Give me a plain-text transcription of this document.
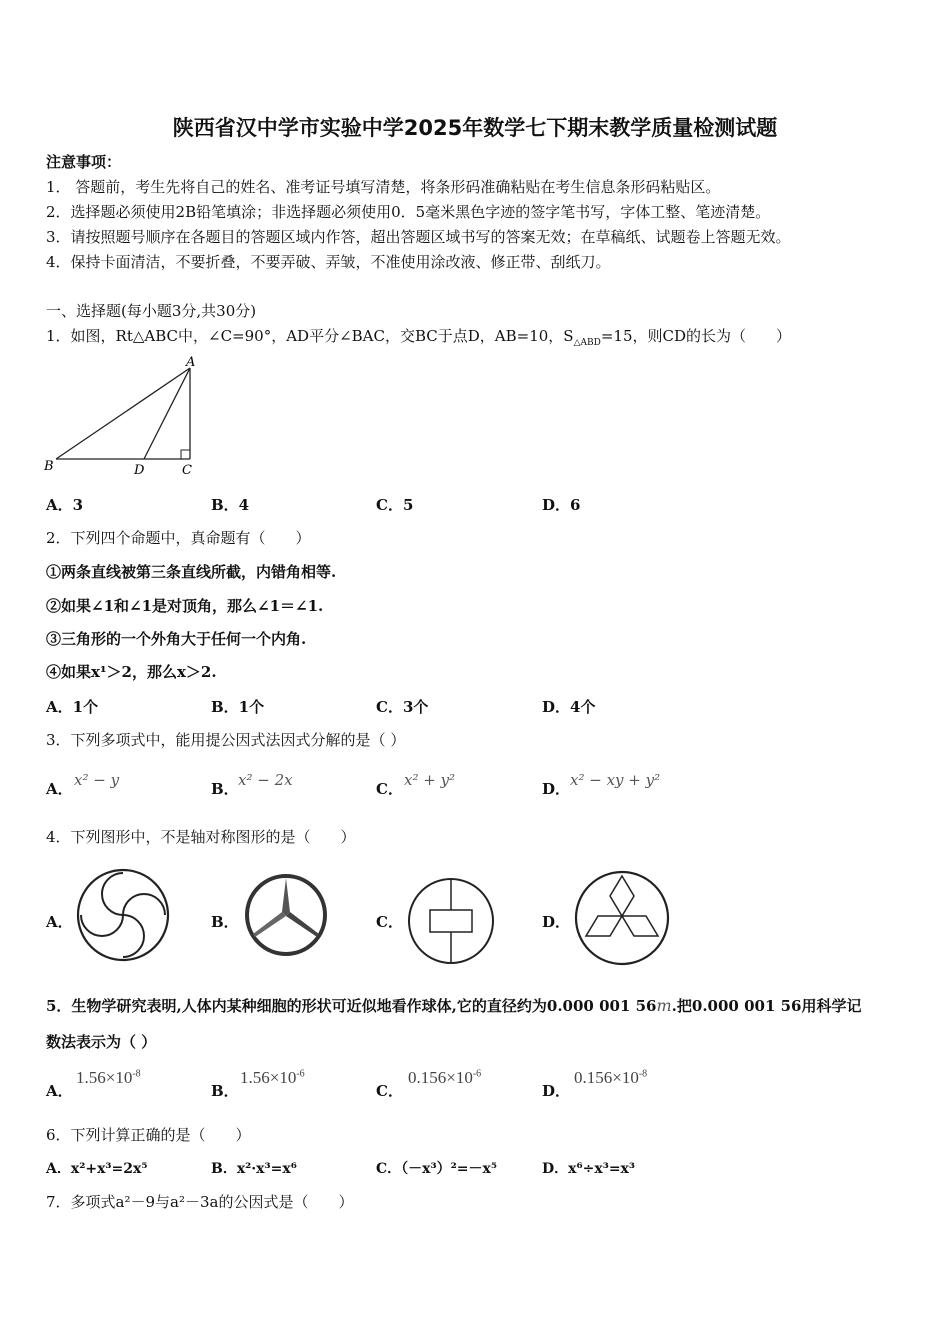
陕西省汉中学市实验中学2025年数学七下期末教学质量检测试题
注意事项：
1． 答题前，考生先将自己的姓名、准考证号填写清楚，将条形码准确粘贴在考生信息条形码粘贴区。
2．选择题必须使用2B铅笔填涂；非选择题必须使用0．5毫米黑色字迹的签字笔书写，字体工整、笔迹清楚。
3．请按照题号顺序在各题目的答题区域内作答，超出答题区域书写的答案无效；在草稿纸、试题卷上答题无效。
4．保持卡面清洁，不要折叠，不要弄破、弄皱，不准使用涂改液、修正带、刮纸刀。
一、选择题(每小题3分,共30分)
1．如图，Rt△ABC中，∠C=90°，AD平分∠BAC，交BC于点D，AB=10，$S_{\triangle ABD}=15$，则CD的长为（　　）
A
B	C
D
A．3	B．4	C．5	D．6
2．下列四个命题中，真命题有（　　）
①两条直线被第三条直线所截，内错角相等.
②如果∠1和∠1是对顶角，那么∠1＝∠1.
③三角形的一个外角大于任何一个内角.
④如果x¹＞2，那么x＞2.
A．1个	B．1个	C．3个	D．4个
3．下列多项式中，能用提公因式法因式分解的是（ ）
A． x² − y	B． x² − 2x	C． x² + y²	D． x² − xy + y²
4．下列图形中，不是轴对称图形的是（　　）
A．	B．	C．	D．
5．生物学研究表明,人体内某种细胞的形状可近似地看作球体,它的直径约为0.000 001 56m.把0.000 001 56用科学记
数法表示为（ ）
A．
$1.56\times 10^{-8}$
B．
$1.56\times 10^{-6}$
C．
$0.156\times 10^{-6}$
D．
$0.156\times 10^{-8}$
6．下列计算正确的是（　　）
A．x²+x³=2x⁵	B．x²·x³=x⁶	C．（－x³）²=－x⁵	D．x⁶÷x³=x³
7．多项式a²－9与a²－3a的公因式是（　　）
